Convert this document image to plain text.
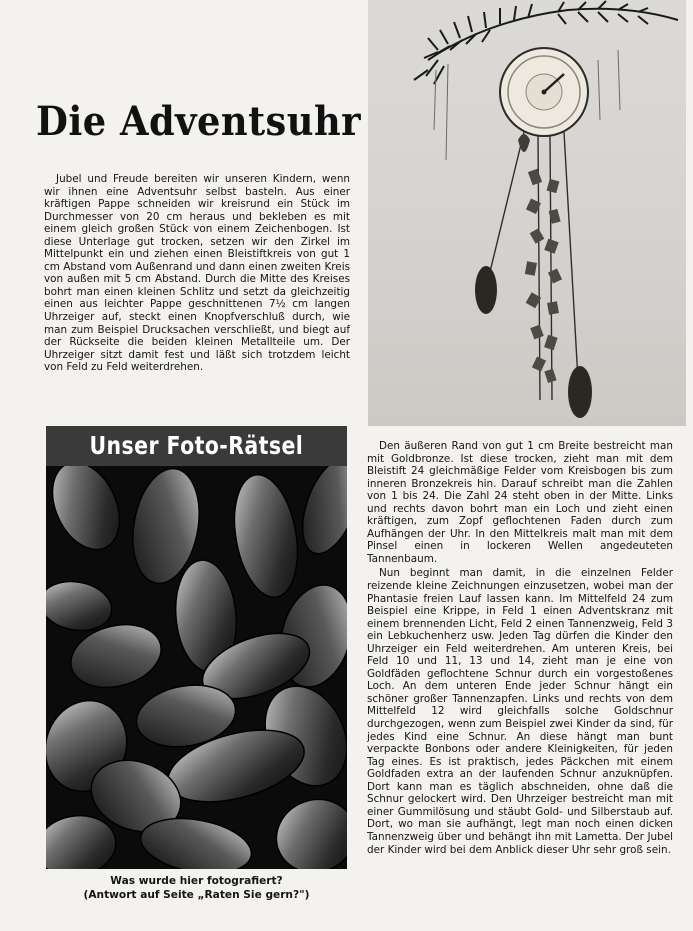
Die Adventsuhr

Jubel und Freude bereiten wir unseren Kindern, wenn wir ihnen eine Adventsuhr selbst basteln. Aus einer kräftigen Pappe schneiden wir kreisrund ein Stück im Durchmesser von 20 cm heraus und bekleben es mit einem gleich großen Stück von einem Zeichenbogen. Ist diese Unterlage gut trocken, setzen wir den Zirkel im Mittelpunkt ein und ziehen einen Bleistiftkreis von gut 1 cm Abstand vom Außenrand und dann einen zweiten Kreis von außen mit 5 cm Abstand. Durch die Mitte des Kreises bohrt man einen kleinen Schlitz und setzt da gleichzeitig einen aus leichter Pappe geschnittenen 7½ cm langen Uhrzeiger auf, steckt einen Knopfverschluß durch, wie man zum Beispiel Drucksachen verschließt, und biegt auf der Rückseite die beiden kleinen Metallteile um. Der Uhrzeiger sitzt damit fest und läßt sich trotzdem leicht von Feld zu Feld weiterdrehen.

Unser Foto-Rätsel
Was wurde hier fotografiert?
(Antwort auf Seite „Raten Sie gern?")

Den äußeren Rand von gut 1 cm Breite bestreicht man mit Goldbronze. Ist diese trocken, zieht man mit dem Bleistift 24 gleichmäßige Felder vom Kreisbogen bis zum inneren Bronzekreis hin. Darauf schreibt man die Zahlen von 1 bis 24. Die Zahl 24 steht oben in der Mitte. Links und rechts davon bohrt man ein Loch und zieht einen kräftigen, zum Zopf geflochtenen Faden durch zum Aufhängen der Uhr. In den Mittelkreis malt man mit dem Pinsel einen in lockeren Wellen angedeuteten Tannenbaum.

Nun beginnt man damit, in die einzelnen Felder reizende kleine Zeichnungen einzusetzen, wobei man der Phantasie freien Lauf lassen kann. Im Mittelfeld 24 zum Beispiel eine Krippe, in Feld 1 einen Adventskranz mit einem brennenden Licht, Feld 2 einen Tannenzweig, Feld 3 ein Lebkuchenherz usw. Jeden Tag dürfen die Kinder den Uhrzeiger ein Feld weiterdrehen. Am unteren Kreis, bei Feld 10 und 11, 13 und 14, zieht man je eine von Goldfäden geflochtene Schnur durch ein vorgestoßenes Loch. An dem unteren Ende jeder Schnur hängt ein schöner großer Tannenzapfen. Links und rechts von dem Mittelfeld 12 wird gleichfalls solche Goldschnur durchgezogen, wenn zum Beispiel zwei Kinder da sind, für jedes Kind eine Schnur. An diese hängt man bunt verpackte Bonbons oder andere Kleinigkeiten, für jeden Tag eines. Es ist praktisch, jedes Päckchen mit einem Goldfaden extra an der laufenden Schnur anzuknüpfen. Dort kann man es täglich abschneiden, ohne daß die Schnur gelockert wird. Den Uhrzeiger bestreicht man mit einer Gummilösung und stäubt Gold- und Silberstaub auf. Dort, wo man sie aufhängt, legt man noch einen dicken Tannenzweig über und behängt ihn mit Lametta. Der Jubel der Kinder wird bei dem Anblick dieser Uhr sehr groß sein.
